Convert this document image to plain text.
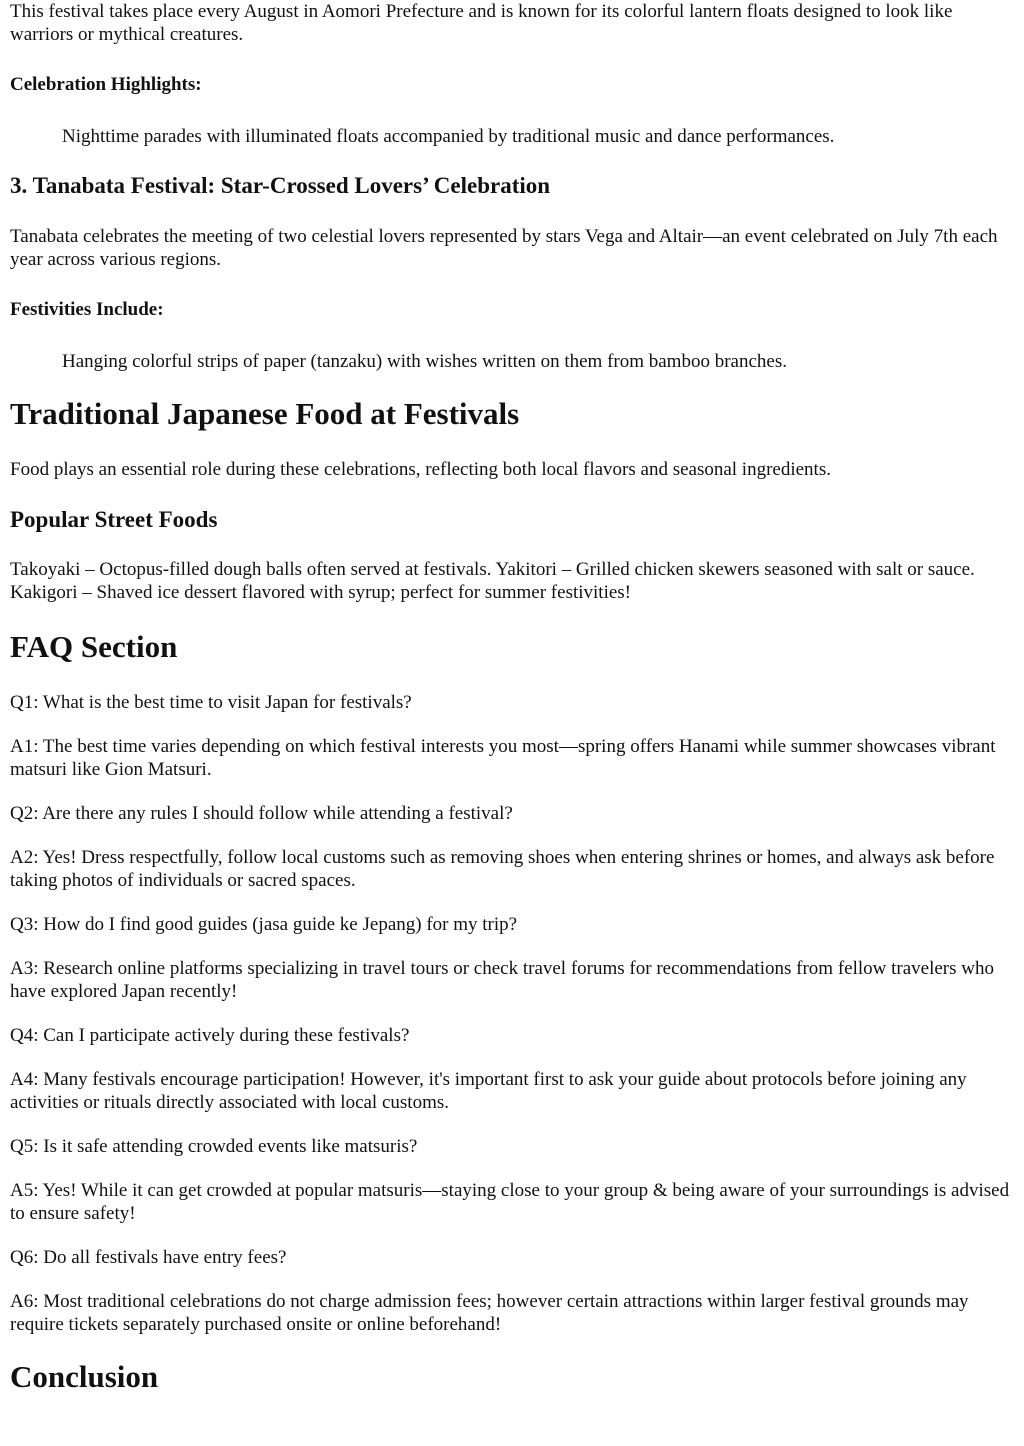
This festival takes place every August in Aomori Prefecture and is known for its colorful lantern floats designed to look like warriors or mythical creatures.

Celebration Highlights:

Nighttime parades with illuminated floats accompanied by traditional music and dance performances.

3. Tanabata Festival: Star-Crossed Lovers’ Celebration

Tanabata celebrates the meeting of two celestial lovers represented by stars Vega and Altair—an event celebrated on July 7th each year across various regions.

Festivities Include:

Hanging colorful strips of paper (tanzaku) with wishes written on them from bamboo branches.

Traditional Japanese Food at Festivals

Food plays an essential role during these celebrations, reflecting both local flavors and seasonal ingredients.

Popular Street Foods

Takoyaki – Octopus-filled dough balls often served at festivals. Yakitori – Grilled chicken skewers seasoned with salt or sauce. Kakigori – Shaved ice dessert flavored with syrup; perfect for summer festivities!

FAQ Section

Q1: What is the best time to visit Japan for festivals?

A1: The best time varies depending on which festival interests you most—spring offers Hanami while summer showcases vibrant matsuri like Gion Matsuri.

Q2: Are there any rules I should follow while attending a festival?

A2: Yes! Dress respectfully, follow local customs such as removing shoes when entering shrines or homes, and always ask before taking photos of individuals or sacred spaces.

Q3: How do I find good guides (jasa guide ke Jepang) for my trip?

A3: Research online platforms specializing in travel tours or check travel forums for recommendations from fellow travelers who have explored Japan recently!

Q4: Can I participate actively during these festivals?

A4: Many festivals encourage participation! However, it's important first to ask your guide about protocols before joining any activities or rituals directly associated with local customs.

Q5: Is it safe attending crowded events like matsuris?

A5: Yes! While it can get crowded at popular matsuris—staying close to your group & being aware of your surroundings is advised to ensure safety!

Q6: Do all festivals have entry fees?

A6: Most traditional celebrations do not charge admission fees; however certain attractions within larger festival grounds may require tickets separately purchased onsite or online beforehand!

Conclusion
